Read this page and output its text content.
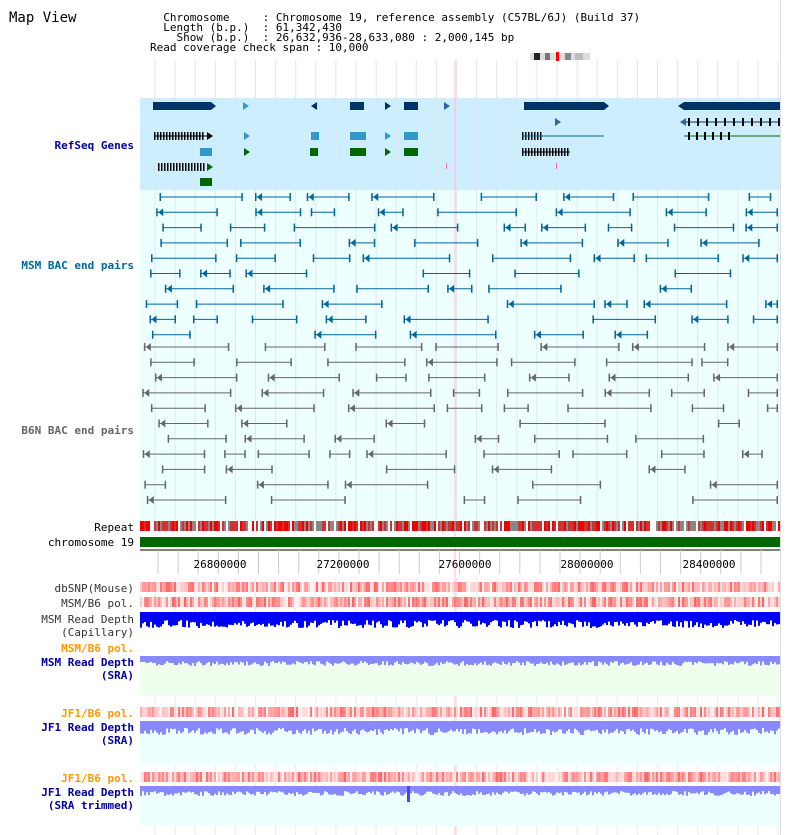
26800000	27200000	27600000	28000000	28400000
Map View	Chromosome     : Chromosome 19, reference assembly (C57BL/6J) (Build 37)
Length (b.p.)  : 61,342,430
Show (b.p.)  : 26,632,936-28,633,080 : 2,000,145 bp
Read coverage check span : 10,000
RefSeq Genes
MSM BAC end pairs
B6N BAC end pairs
Repeat
chromosome 19
dbSNP(Mouse)
MSM/B6 pol.
MSM Read Depth
(Capillary)
MSM/B6 pol.
MSM Read Depth
(SRA)
JF1/B6 pol.
JF1 Read Depth
(SRA)
JF1/B6 pol.
JF1 Read Depth
(SRA trimmed)
